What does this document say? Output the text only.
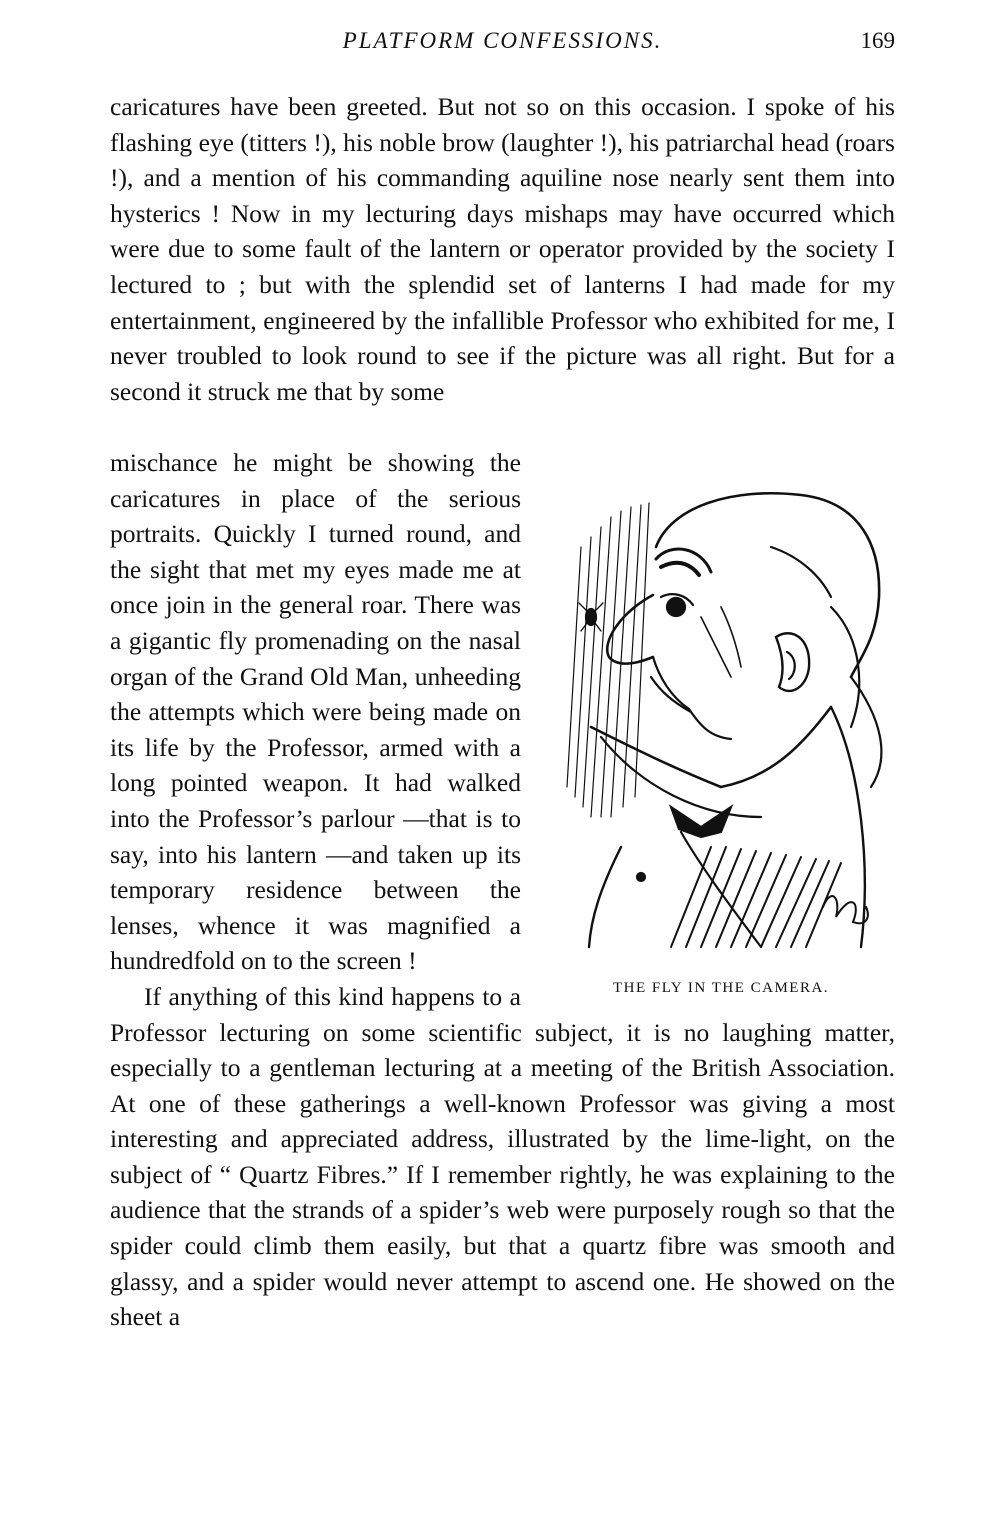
PLATFORM CONFESSIONS.	169

caricatures have been greeted. But not so on this occasion. I spoke of his flashing eye (titters !), his noble brow (laughter !), his patriarchal head (roars !), and a mention of his commanding aquiline nose nearly sent them into hysterics ! Now in my lecturing days mishaps may have occurred which were due to some fault of the lantern or operator provided by the society I lectured to ; but with the splendid set of lanterns I had made for my entertainment, engineered by the infallible Professor who exhibited for me, I never troubled to look round to see if the picture was all right. But for a second it struck me that by some

THE FLY IN THE CAMERA.

mischance he might be showing the caricatures in place of the serious portraits. Quickly I turned round, and the sight that met my eyes made me at once join in the general roar. There was a gigantic fly promenading on the nasal organ of the Grand Old Man, unheeding the attempts which were being made on its life by the Professor, armed with a long pointed weapon. It had walked into the Professor’s parlour —that is to say, into his lantern —and taken up its temporary residence between the lenses, whence it was magnified a hundredfold on to the screen !

If anything of this kind happens to a Professor lecturing on some scientific subject, it is no laughing matter, especially to a gentleman lecturing at a meeting of the British Association. At one of these gatherings a well-known Professor was giving a most interesting and appreciated address, illustrated by the lime-light, on the subject of “ Quartz Fibres.” If I remember rightly, he was explaining to the audience that the strands of a spider’s web were purposely rough so that the spider could climb them easily, but that a quartz fibre was smooth and glassy, and a spider would never attempt to ascend one. He showed on the sheet a
